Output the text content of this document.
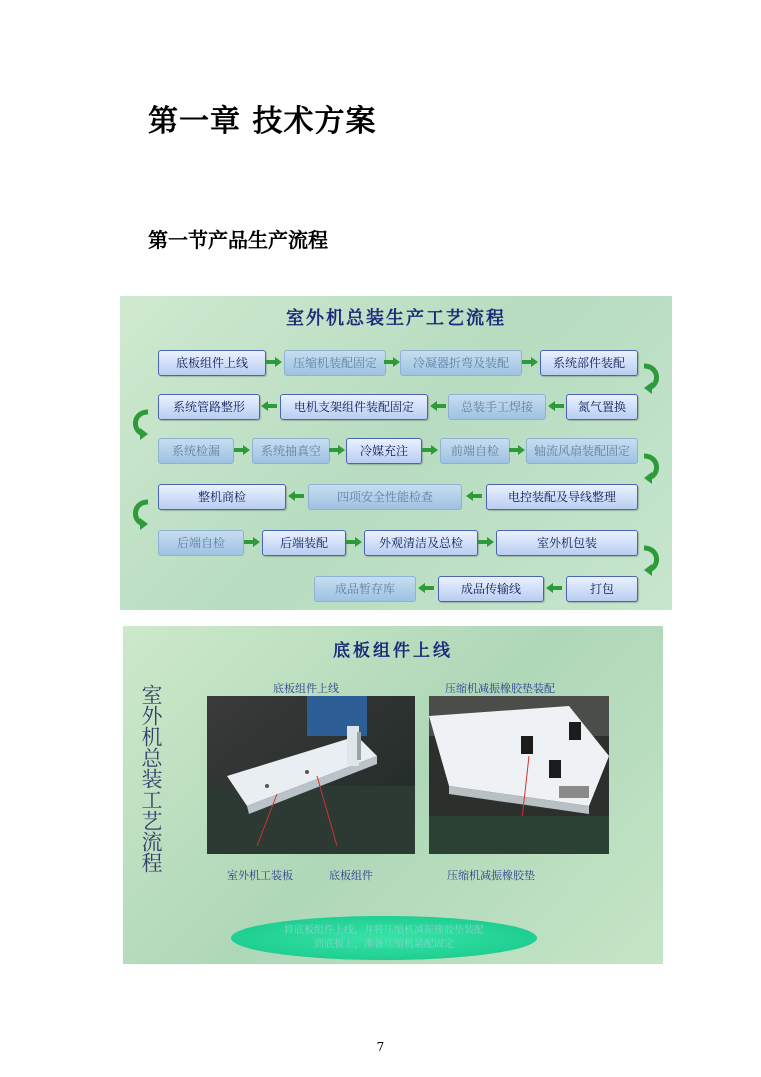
第一章 技术方案
第一节产品生产流程
室外机总装生产工艺流程
底板组件上线	压缩机装配固定	冷凝器折弯及装配	系统部件装配
系统管路整形	电机支架组件装配固定	总装手工焊接	氮气置换
系统检漏	系统抽真空	冷媒充注	前端自检	轴流风扇装配固定
整机商检	四项安全性能检查	电控装配及导线整理
后端自检	后端装配	外观清洁及总检	室外机包装
成品暂存库	成品传输线	打包
底板组件上线
室外机总装工艺流程	底板组件上线	压缩机减振橡胶垫装配
室外机工装板	底板组件	压缩机减振橡胶垫
将底板组件上线，并将压缩机减振橡胶垫装配
到底板上，准备压缩机装配固定
7
